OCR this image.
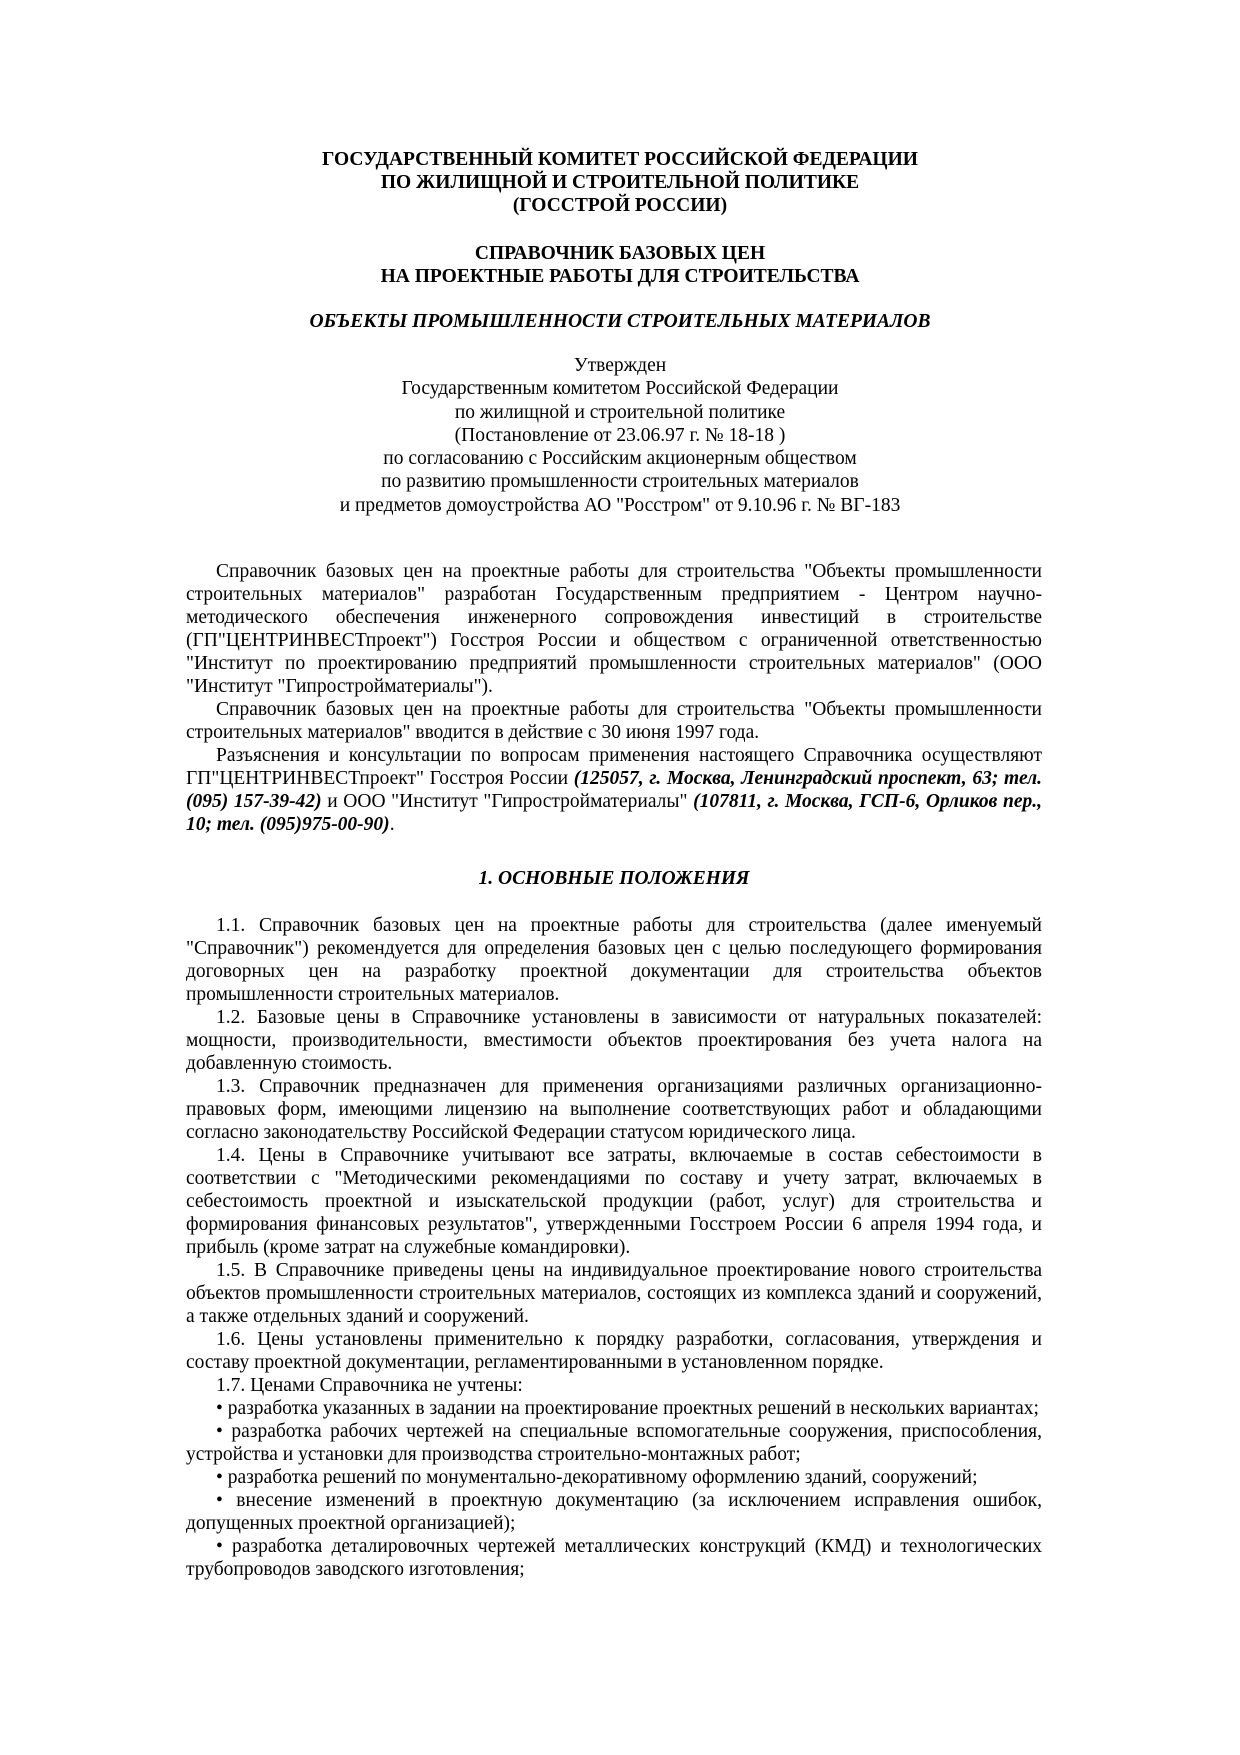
ГОСУДАРСТВЕННЫЙ КОМИТЕТ РОССИЙСКОЙ ФЕДЕРАЦИИ
ПО ЖИЛИЩНОЙ И СТРОИТЕЛЬНОЙ ПОЛИТИКЕ
(ГОССТРОЙ РОССИИ)
СПРАВОЧНИК БАЗОВЫХ ЦЕН
НА ПРОЕКТНЫЕ РАБОТЫ ДЛЯ СТРОИТЕЛЬСТВА
ОБЪЕКТЫ ПРОМЫШЛЕННОСТИ СТРОИТЕЛЬНЫХ МАТЕРИАЛОВ
Утвержден
Государственным комитетом Российской Федерации
по жилищной и строительной политике
(Постановление от 23.06.97 г. № 18-18 )
по согласованию с Российским акционерным обществом
по развитию промышленности строительных материалов
и предметов домоустройства АО "Росстром" от 9.10.96 г. № ВГ-183

Справочник базовых цен на проектные работы для строительства "Объекты промышленности строительных материалов" разработан Государственным предприятием - Центром научно-методического обеспечения инженерного сопровождения инвестиций в строительстве (ГП"ЦЕНТРИНВЕСТпроект") Госстроя России и обществом с ограниченной ответственностью "Институт по проектированию предприятий промышленности строительных материалов" (ООО "Институт "Гипростройматериалы").

Справочник базовых цен на проектные работы для строительства "Объекты промышленности строительных материалов" вводится в действие с 30 июня 1997 года.

Разъяснения и консультации по вопросам применения настоящего Справочника осуществляют ГП"ЦЕНТРИНВЕСТпроект" Госстроя России (125057, г. Москва, Ленинградский проспект, 63; тел. (095) 157-39-42) и ООО "Институт "Гипростройматериалы" (107811, г. Москва, ГСП-6, Орликов пер., 10; тел. (095)975-00-90).

1. ОСНОВНЫЕ ПОЛОЖЕНИЯ

1.1. Справочник базовых цен на проектные работы для строительства (далее именуемый "Справочник") рекомендуется для определения базовых цен с целью последующего формирования договорных цен на разработку проектной документации для строительства объектов промышленности строительных материалов.

1.2. Базовые цены в Справочнике установлены в зависимости от натуральных показателей: мощности, производительности, вместимости объектов проектирования без учета налога на добавленную стоимость.

1.3. Справочник предназначен для применения организациями различных организационно-правовых форм, имеющими лицензию на выполнение соответствующих работ и обладающими согласно законодательству Российской Федерации статусом юридического лица.

1.4. Цены в Справочнике учитывают все затраты, включаемые в состав себестоимости в соответствии с "Методическими рекомендациями по составу и учету затрат, включаемых в себестоимость проектной и изыскательской продукции (работ, услуг) для строительства и формирования финансовых результатов", утвержденными Госстроем России 6 апреля 1994 года, и прибыль (кроме затрат на служебные командировки).

1.5. В Справочнике приведены цены на индивидуальное проектирование нового строительства объектов промышленности строительных материалов, состоящих из комплекса зданий и сооружений, а также отдельных зданий и сооружений.

1.6. Цены установлены применительно к порядку разработки, согласования, утверждения и составу проектной документации, регламентированными в установленном порядке.

1.7. Ценами Справочника не учтены:

• разработка указанных в задании на проектирование проектных решений в нескольких вариантах;

• разработка рабочих чертежей на специальные вспомогательные сооружения, приспособления, устройства и установки для производства строительно-монтажных работ;

• разработка решений по монументально-декоративному оформлению зданий, сооружений;

• внесение изменений в проектную документацию (за исключением исправления ошибок, допущенных проектной организацией);

• разработка деталировочных чертежей металлических конструкций (КМД) и технологических трубопроводов заводского изготовления;
